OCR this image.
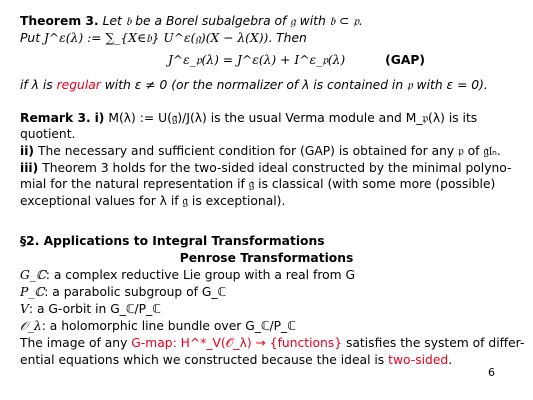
Theorem 3. Let 𝔟 be a Borel subalgebra of 𝔤 with 𝔟 ⊂ 𝔭.
Put J^ε(λ) := ∑_{X∈𝔟} U^ε(𝔤)(X − λ(X)). Then
J^ε_𝔭(λ) = J^ε(λ) + I^ε_𝔭(λ)	(GAP)
if λ is regular with ε ≠ 0 (or the normalizer of λ is contained in 𝔭 with ε = 0).
Remark 3. i) M(λ) := U(𝔤)/J(λ) is the usual Verma module and M_𝔭(λ) is its
quotient.
ii) The necessary and sufficient condition for (GAP) is obtained for any 𝔭 of 𝔤𝔩ₙ.
iii) Theorem 3 holds for the two-sided ideal constructed by the minimal polyno-
mial for the natural representation if 𝔤 is classical (with some more (possible)
exceptional values for λ if 𝔤 is exceptional).
§2. Applications to Integral Transformations
Penrose Transformations
G_ℂ: a complex reductive Lie group with a real from G
P_ℂ: a parabolic subgroup of G_ℂ
V: a G-orbit in G_ℂ/P_ℂ
𝒪_λ: a holomorphic line bundle over G_ℂ/P_ℂ
The image of any G-map: H^*_V(𝒪_λ) → {functions} satisfies the system of differ-
ential equations which we constructed because the ideal is two-sided.
6
